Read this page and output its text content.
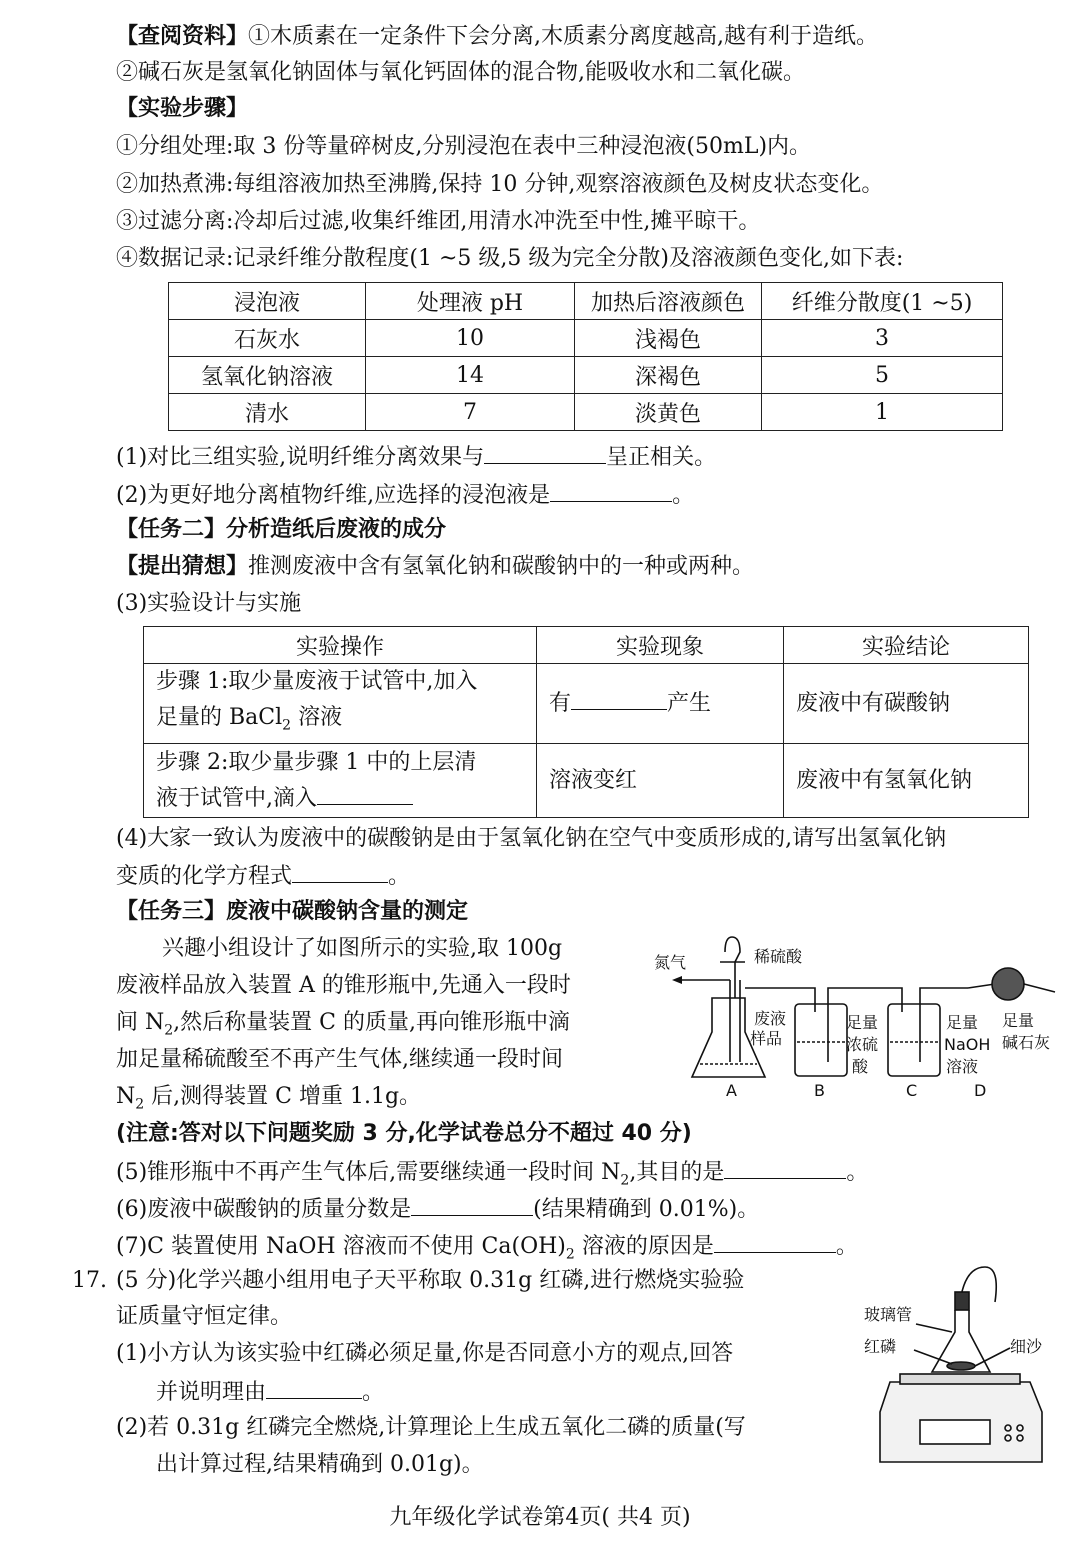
【查阅资料】①木质素在一定条件下会分离,木质素分离度越高,越有利于造纸。
②碱石灰是氢氧化钠固体与氧化钙固体的混合物,能吸收水和二氧化碳。
【实验步骤】
①分组处理:取 3 份等量碎树皮,分别浸泡在表中三种浸泡液(50mL)内。
②加热煮沸:每组溶液加热至沸腾,保持 10 分钟,观察溶液颜色及树皮状态变化。
③过滤分离:冷却后过滤,收集纤维团,用清水冲洗至中性,摊平晾干。
④数据记录:记录纤维分散程度(1 ~5 级,5 级为完全分散)及溶液颜色变化,如下表:
浸泡液	处理液 pH	加热后溶液颜色	纤维分散度(1 ~5)
石灰水	10	浅褐色	3
氢氧化钠溶液	14	深褐色	5
清水	7	淡黄色	1
(1)对比三组实验,说明纤维分离效果与	呈正相关。
(2)为更好地分离植物纤维,应选择的浸泡液是	。
【任务二】分析造纸后废液的成分
【提出猜想】推测废液中含有氢氧化钠和碳酸钠中的一种或两种。
(3)实验设计与实施
实验操作	实验现象	实验结论
步骤 1:取少量废液于试管中,加入
足量的 BaCl$_2$ 溶液	有 产生	废液中有碳酸钠
步骤 2:取少量步骤 1 中的上层清
液于试管中,滴入	溶液变红	废液中有氢氧化钠
(4)大家一致认为废液中的碳酸钠是由于氢氧化钠在空气中变质形成的,请写出氢氧化钠
变质的化学方程式	。
【任务三】废液中碳酸钠含量的测定
兴趣小组设计了如图所示的实验,取 100g
废液样品放入装置 A 的锥形瓶中,先通入一段时
间 $N_2$,然后称量装置 C 的质量,再向锥形瓶中滴
加足量稀硫酸至不再产生气体,继续通一段时间
$N_2$ 后,测得装置 C 增重 1.1g。
氮气	稀硫酸
废液
样品
足量
浓硫
酸
足量
NaOH
溶液
足量
碱石灰
A	B	C	D
(注意:答对以下问题奖励 3 分,化学试卷总分不超过 40 分)
(5)锥形瓶中不再产生气体后,需要继续通一段时间 $N_2$,其目的是	。
(6)废液中碳酸钠的质量分数是	(结果精确到 0.01%)。
(7)C 装置使用 NaOH 溶液而不使用 $Ca(OH)_2$ 溶液的原因是	。
17. (5 分)化学兴趣小组用电子天平称取 0.31g 红磷,进行燃烧实验验
证质量守恒定律。
(1)小方认为该实验中红磷必须足量,你是否同意小方的观点,回答
并说明理由	。
(2)若 0.31g 红磷完全燃烧,计算理论上生成五氧化二磷的质量(写
出计算过程,结果精确到 0.01g)。
玻璃管
红磷	细沙
九年级化学试卷第4页( 共4 页)
